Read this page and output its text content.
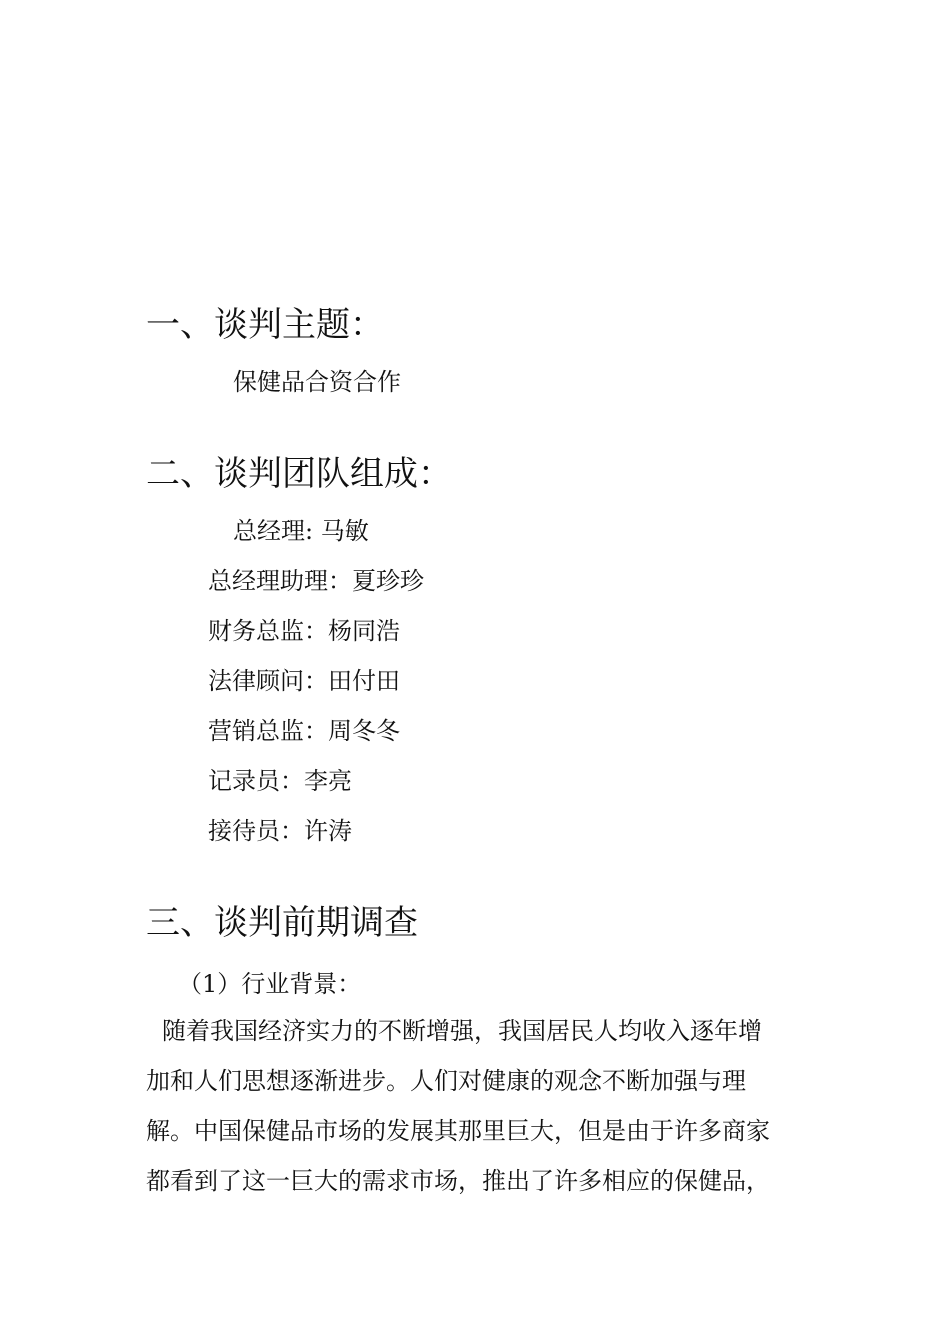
一、谈判主题：
保健品合资合作
二、谈判团队组成：
总经理: 马敏
总经理助理：夏珍珍
财务总监：杨同浩
法律顾问：田付田
营销总监：周冬冬
记录员：李亮
接待员：许涛
三、谈判前期调查
（1）行业背景：
随着我国经济实力的不断增强，我国居民人均收入逐年增
加和人们思想逐渐进步。人们对健康的观念不断加强与理
解。中国保健品市场的发展其那里巨大，但是由于许多商家
都看到了这一巨大的需求市场，推出了许多相应的保健品，
